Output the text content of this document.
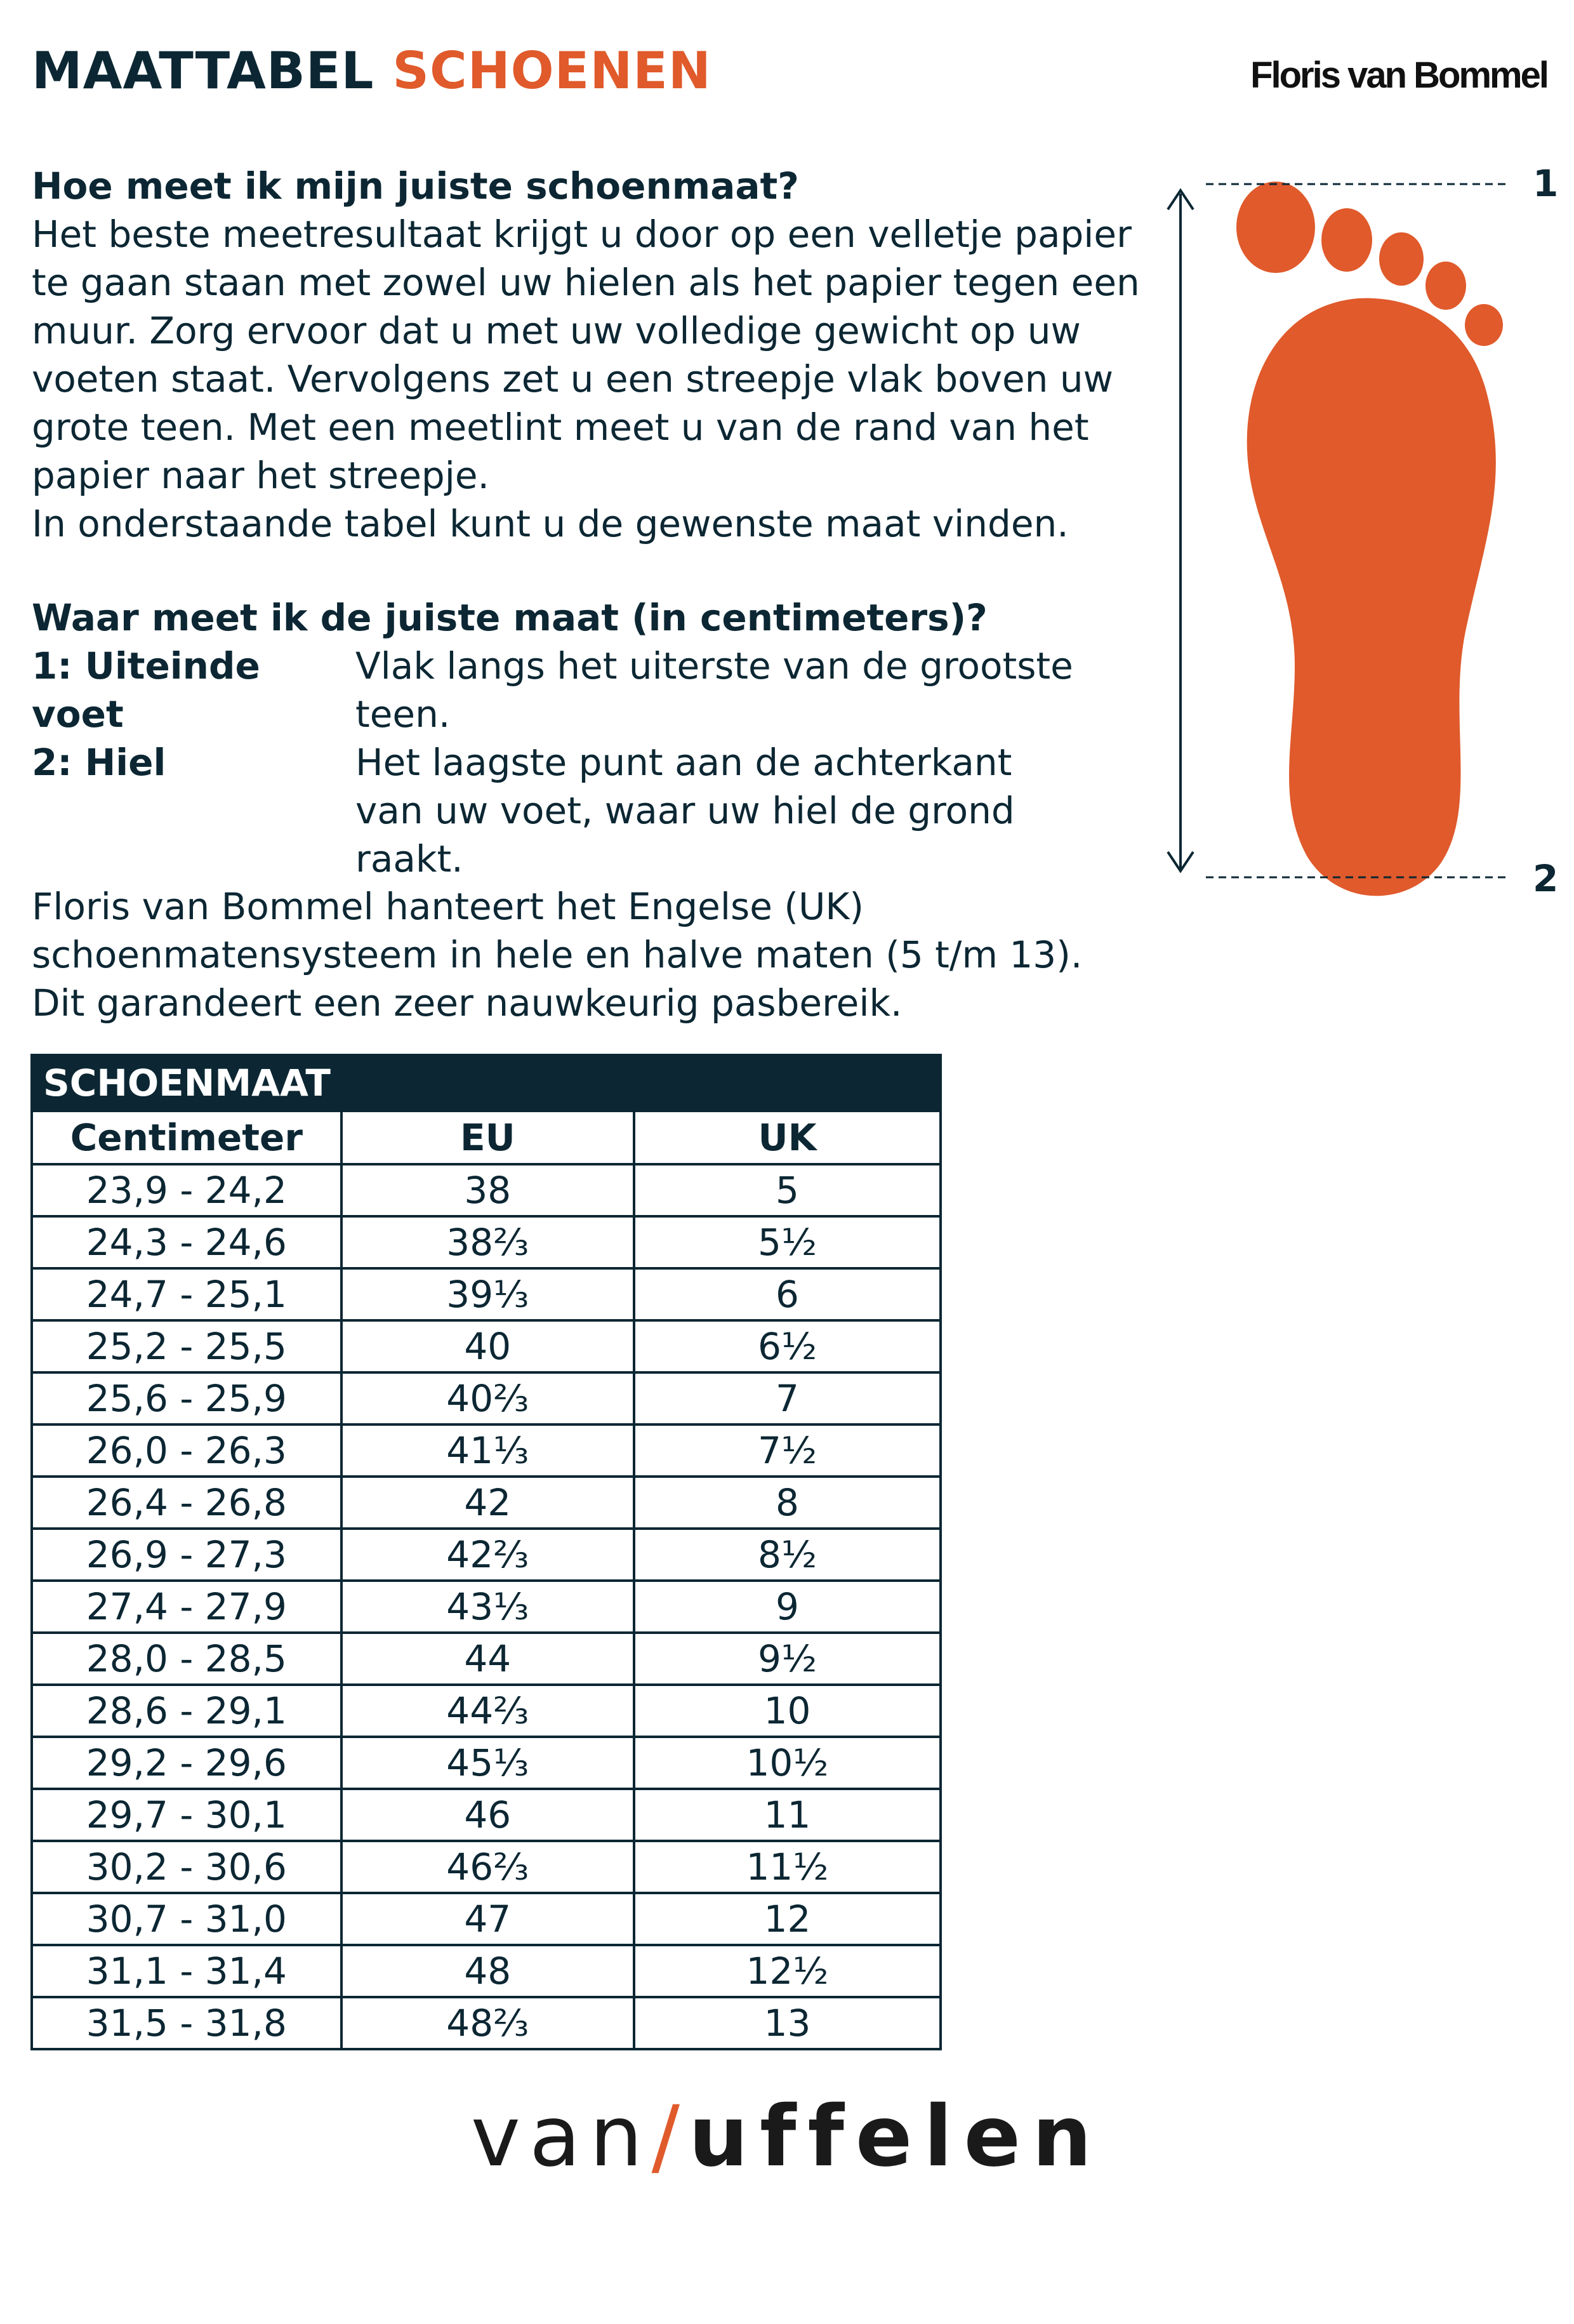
MAATTABEL SCHOENEN	Floris van Bommel

Hoe meet ik mijn juiste schoenmaat?

Het beste meetresultaat krijgt u door op een velletje papier

te gaan staan met zowel uw hielen als het papier tegen een

muur. Zorg ervoor dat u met uw volledige gewicht op uw

voeten staat. Vervolgens zet u een streepje vlak boven uw

grote teen. Met een meetlint meet u van de rand van het

papier naar het streepje.

In onderstaande tabel kunt u de gewenste maat vinden.

Waar meet ik de juiste maat (in centimeters)?

1: Uiteinde voet
Vlak langs het uiterste van de grootste teen.
2: Hiel	Het laagste punt aan de achterkant van uw voet, waar uw hiel de grond raakt.

Floris van Bommel hanteert het Engelse (UK)

schoenmatensysteem in hele en halve maten (5 t/m 13).

Dit garandeert een zeer nauwkeurig pasbereik.

1
2
SCHOENMAAT		
Centimeter	EU	UK
23,9 - 24,2	38	5
24,3 - 24,6	38⅔	5½
24,7 - 25,1	39⅓	6
25,2 - 25,5	40	6½
25,6 - 25,9	40⅔	7
26,0 - 26,3	41⅓	7½
26,4 - 26,8	42	8
26,9 - 27,3	42⅔	8½
27,4 - 27,9	43⅓	9
28,0 - 28,5	44	9½
28,6 - 29,1	44⅔	10
29,2 - 29,6	45⅓	10½
29,7 - 30,1	46	11
30,2 - 30,6	46⅔	11½
30,7 - 31,0	47	12
31,1 - 31,4	48	12½
31,5 - 31,8	48⅔	13
van/uffelen
